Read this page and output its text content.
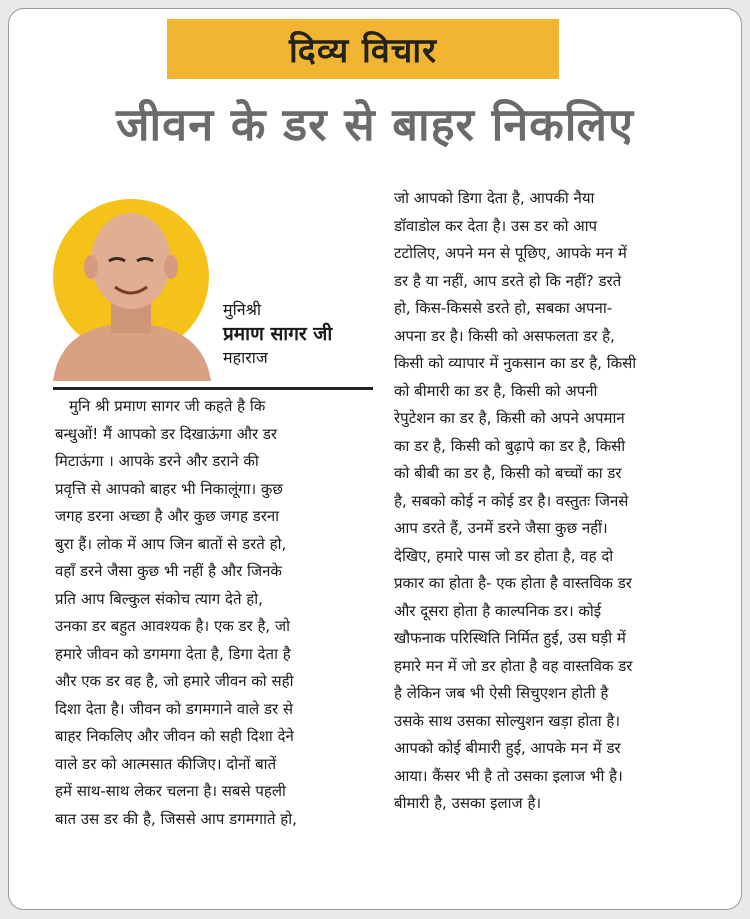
दिव्य विचार
जीवन के डर से बाहर निकलिए
मुनिश्री
प्रमाण सागर जी
महाराज
मुनि श्री प्रमाण सागर जी कहते है कि
बन्धुओं! मैं आपको डर दिखाऊंगा और डर
मिटाऊंगा । आपके डरने और डराने की
प्रवृत्ति से आपको बाहर भी निकालूंगा। कुछ
जगह डरना अच्छा है और कुछ जगह डरना
बुरा हैं। लोक में आप जिन बातों से डरते हो,
वहाँ डरने जैसा कुछ भी नहीं है और जिनके
प्रति आप बिल्कुल संकोच त्याग देते हो,
उनका डर बहुत आवश्यक है। एक डर है, जो
हमारे जीवन को डगमगा देता है, डिगा देता है
और एक डर वह है, जो हमारे जीवन को सही
दिशा देता है। जीवन को डगमगाने वाले डर से
बाहर निकलिए और जीवन को सही दिशा देने
वाले डर को आत्मसात कीजिए। दोनों बातें
हमें साथ-साथ लेकर चलना है। सबसे पहली
बात उस डर की है, जिससे आप डगमगाते हो,
जो आपको डिगा देता है, आपकी नैया
डॉवाडोल कर देता है। उस डर को आप
टटोलिए, अपने मन से पूछिए, आपके मन में
डर है या नहीं, आप डरते हो कि नहीं? डरते
हो, किस-किससे डरते हो, सबका अपना-
अपना डर है। किसी को असफलता डर है,
किसी को व्यापार में नुकसान का डर है, किसी
को बीमारी का डर है, किसी को अपनी
रेपुटेशन का डर है, किसी को अपने अपमान
का डर है, किसी को बुढ़ापे का डर है, किसी
को बीबी का डर है, किसी को बच्चों का डर
है, सबको कोई न कोई डर है। वस्तुतः जिनसे
आप डरते हैं, उनमें डरने जैसा कुछ नहीं।
देखिए, हमारे पास जो डर होता है, वह दो
प्रकार का होता है- एक होता है वास्तविक डर
और दूसरा होता है काल्पनिक डर। कोई
खौफनाक परिस्थिति निर्मित हुई, उस घड़ी में
हमारे मन में जो डर होता है वह वास्तविक डर
है लेकिन जब भी ऐसी सिचुएशन होती है
उसके साथ उसका सोल्युशन खड़ा होता है।
आपको कोई बीमारी हुई, आपके मन में डर
आया। कैंसर भी है तो उसका इलाज भी है।
बीमारी है, उसका इलाज है।
